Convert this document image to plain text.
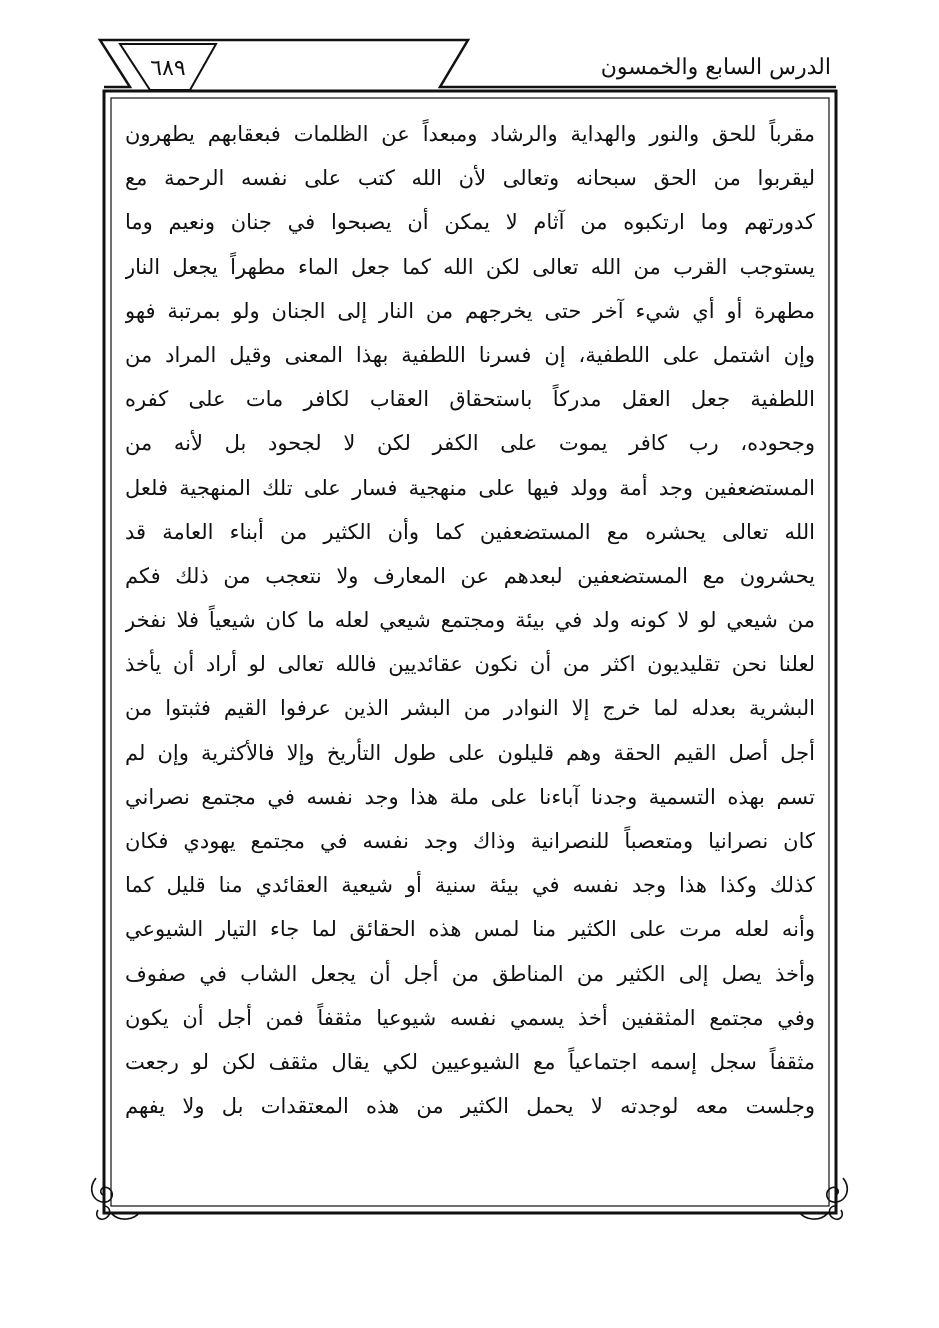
الدرس السابع والخمسون
٦٨٩
مقرباً للحق والنور والهداية والرشاد ومبعداً عن الظلمات فبعقابهم يطهرون
ليقربوا من الحق سبحانه وتعالى لأن الله كتب على نفسه الرحمة مع
كدورتهم وما ارتكبوه من آثام لا يمكن أن يصبحوا في جنان ونعيم وما
يستوجب القرب من الله تعالى لكن الله كما جعل الماء مطهراً يجعل النار
مطهرة أو أي شيء آخر حتى يخرجهم من النار إلى الجنان ولو بمرتبة فهو
وإن اشتمل على اللطفية، إن فسرنا اللطفية بهذا المعنى وقيل المراد من
اللطفية جعل العقل مدركاً باستحقاق العقاب لكافر مات على كفره
وجحوده، رب كافر يموت على الكفر لكن لا لجحود بل لأنه من
المستضعفين وجد أمة وولد فيها على منهجية فسار على تلك المنهجية فلعل
الله تعالى يحشره مع المستضعفين كما وأن الكثير من أبناء العامة قد
يحشرون مع المستضعفين لبعدهم عن المعارف ولا نتعجب من ذلك فكم
من شيعي لو لا كونه ولد في بيئة ومجتمع شيعي لعله ما كان شيعياً فلا نفخر
لعلنا نحن تقليديون اكثر من أن نكون عقائديين فالله تعالى لو أراد أن يأخذ
البشرية بعدله لما خرج إلا النوادر من البشر الذين عرفوا القيم فثبتوا من
أجل أصل القيم الحقة وهم قليلون على طول التأريخ وإلا فالأكثرية وإن لم
تسم بهذه التسمية وجدنا آباءنا على ملة هذا وجد نفسه في مجتمع نصراني
كان نصرانيا ومتعصباً للنصرانية وذاك وجد نفسه في مجتمع يهودي فكان
كذلك وكذا هذا وجد نفسه في بيئة سنية أو شيعية العقائدي منا قليل كما
وأنه لعله مرت على الكثير منا لمس هذه الحقائق لما جاء التيار الشيوعي
وأخذ يصل إلى الكثير من المناطق من أجل أن يجعل الشاب في صفوف
وفي مجتمع المثقفين أخذ يسمي نفسه شيوعيا مثقفاً فمن أجل أن يكون
مثقفاً سجل إسمه اجتماعياً مع الشيوعيين لكي يقال مثقف لكن لو رجعت
وجلست معه لوجدته لا يحمل الكثير من هذه المعتقدات بل ولا يفهم
